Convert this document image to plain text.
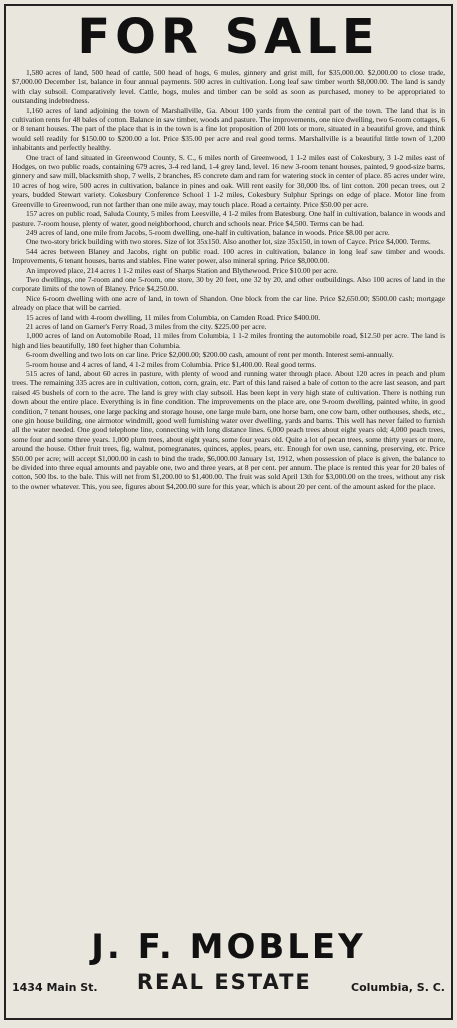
FOR SALE

1,580 acres of land, 500 head of cattle, 500 head of hogs, 6 mules, ginnery and grist mill, for $35,000.00. $2,000.00 to close trade, $7,000.00 December 1st, balance in four annual payments. 500 acres in cultivation. Long leaf saw timber worth $8,000.00. The land is sandy with clay subsoil. Comparatively level. Cattle, hogs, mules and timber can be sold as soon as purchased, money to be appropriated to outstanding indebtedness.

1,160 acres of land adjoining the town of Marshallville, Ga. About 100 yards from the central part of the town. The land that is in cultivation rents for 48 bales of cotton. Balance in saw timber, woods and pasture. The improvements, one nice dwelling, two 6-room cottages, 6 or 8 tenant houses. The part of the place that is in the town is a fine lot proposition of 200 lots or more, situated in a beautiful grove, and think would sell readily for $150.00 to $200.00 a lot. Price $35.00 per acre and real good terms. Marshallville is a beautiful little town of 1,200 inhabitants and perfectly healthy.

One tract of land situated in Greenwood County, S. C., 6 miles north of Greenwood, 1 1-2 miles east of Cokesbury, 3 1-2 miles east of Hodges, on two public roads, containing 679 acres, 3-4 red land, 1-4 grey land, level. 16 new 3-room tenant houses, painted, 9 good-size barns, ginnery and saw mill, blacksmith shop, 7 wells, 2 branches, 85 concrete dam and ram for watering stock in center of place. 85 acres under wire, 10 acres of hog wire, 500 acres in cultivation, balance in pines and oak. Will rent easily for 30,000 lbs. of lint cotton. 200 pecan trees, out 2 years, budded Stewart variety. Cokesbury Conference School 1 1-2 miles, Cokesbury Sulphur Springs on edge of place. Motor line from Greenville to Greenwood, run not farther than one mile away, may touch place. Road a certainty. Price $50.00 per acre.

157 acres on public road, Saluda County, 5 miles from Leesville, 4 1-2 miles from Batesburg. One half in cultivation, balance in woods and pasture. 7-room house, plenty of water, good neighborhood, church and schools near. Price $4,500. Terms can be had.

249 acres of land, one mile from Jacobs, 5-room dwelling, one-half in cultivation, balance in woods. Price $8.00 per acre.

One two-story brick building with two stores. Size of lot 35x150. Also another lot, size 35x150, in town of Cayce. Price $4,000. Terms.

544 acres between Blaney and Jacobs, right on public road. 100 acres in cultivation, balance in long leaf saw timber and woods. Improvements, 6 tenant houses, barns and stables. Fine water power, also mineral spring. Price $8,000.00.

An improved place, 214 acres 1 1-2 miles east of Sharps Station and Blythewood. Price $10.00 per acre.

Two dwellings, one 7-room and one 5-room, one store, 30 by 20 feet, one 32 by 20, and other outbuildings. Also 100 acres of land in the corporate limits of the town of Blaney. Price $4,250.00.

Nice 6-room dwelling with one acre of land, in town of Shandon. One block from the car line. Price $2,650.00; $500.00 cash; mortgage already on place that will be carried.

15 acres of land with 4-room dwelling, 11 miles from Columbia, on Camden Road. Price $400.00.

21 acres of land on Garner's Ferry Road, 3 miles from the city. $225.00 per acre.

1,000 acres of land on Automobile Road, 11 miles from Columbia, 1 1-2 miles fronting the automobile road, $12.50 per acre. The land is high and lies beautifully, 180 feet higher than Columbia.

6-room dwelling and two lots on car line. Price $2,000.00; $200.00 cash, amount of rent per month. Interest semi-annually.

5-room house and 4 acres of land, 4 1-2 miles from Columbia. Price $1,400.00. Real good terms.

515 acres of land, about 60 acres in pasture, with plenty of wood and running water through place. About 120 acres in peach and plum trees. The remaining 335 acres are in cultivation, cotton, corn, grain, etc. Part of this land raised a bale of cotton to the acre last season, and part raised 45 bushels of corn to the acre. The land is grey with clay subsoil. Has been kept in very high state of cultivation. There is nothing run down about the entire place. Everything is in fine condition. The improvements on the place are, one 9-room dwelling, painted white, in good condition, 7 tenant houses, one large packing and storage house, one large mule barn, one horse barn, one cow barn, other outhouses, sheds, etc., one gin house building, one airmotor windmill, good well furnishing water over dwelling, yards and barns. This well has never failed to furnish all the water needed. One good telephone line, connecting with long distance lines. 6,000 peach trees about eight years old; 4,000 peach trees, some four and some three years. 1,000 plum trees, about eight years, some four years old. Quite a lot of pecan trees, some thirty years or more, around the house. Other fruit trees, fig, walnut, pomegranates, quinces, apples, pears, etc. Enough for own use, canning, preserving, etc. Price $50.00 per acre; will accept $1,000.00 in cash to bind the trade, $6,000.00 January 1st, 1912, when possession of place is given, the balance to be divided into three equal amounts and payable one, two and three years, at 8 per cent. per annum. The place is rented this year for 20 bales of cotton, 500 lbs. to the bale. This will net from $1,200.00 to $1,400.00. The fruit was sold April 13th for $3,000.00 on the trees, without any risk to the owner whatever. This, you see, figures about $4,200.00 sure for this year, which is about 20 per cent. of the amount asked for the place.

J. F. MOBLEY
1434 Main St. REAL ESTATE	Columbia, S. C.
